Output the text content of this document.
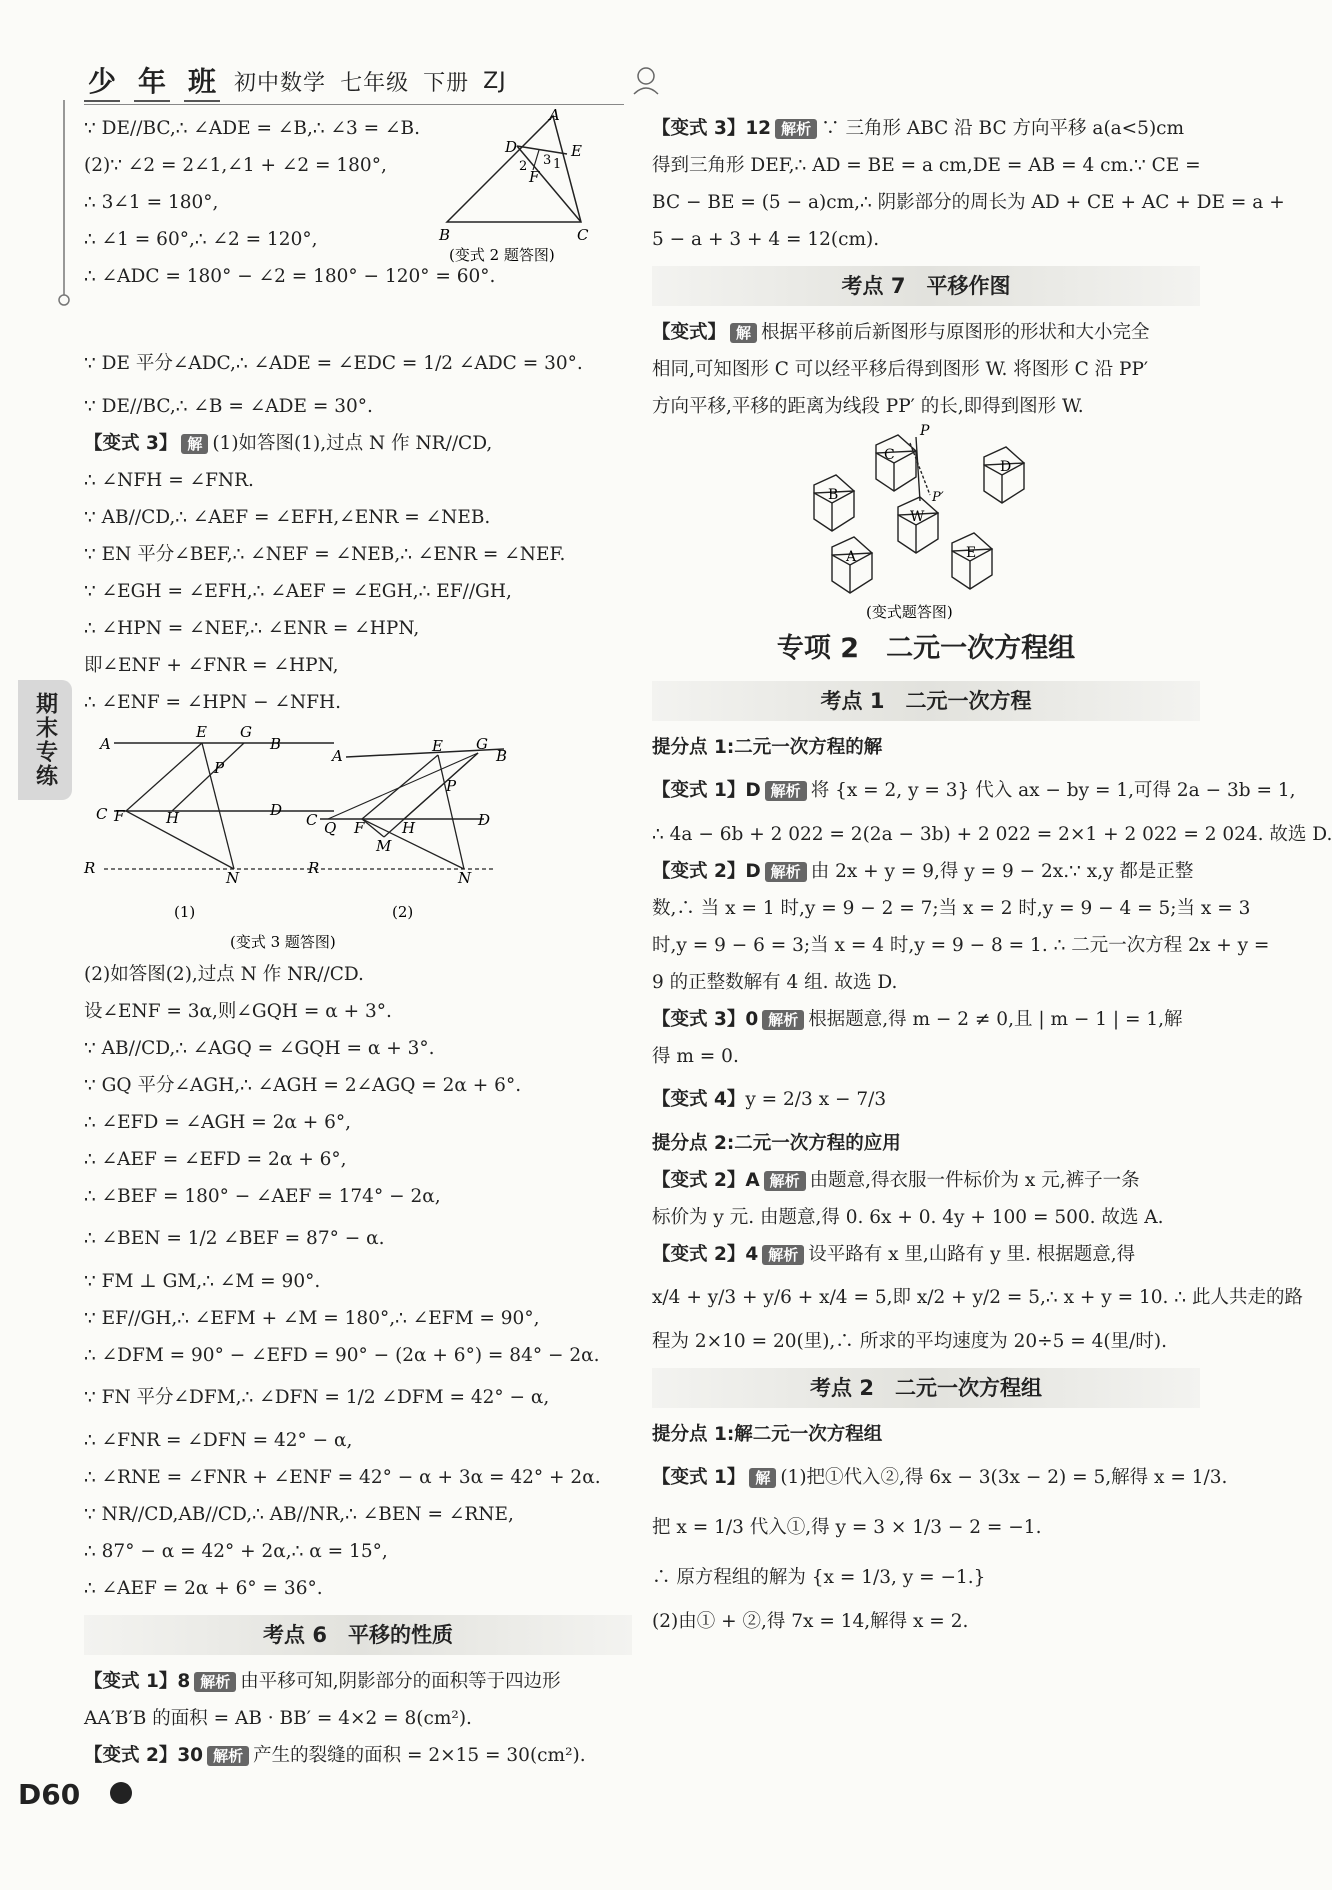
少 年 班 初中数学 七年级 下册 ZJ
期末专练
∵ DE//BC,∴ ∠ADE = ∠B,∴ ∠3 = ∠B.
(2)∵ ∠2 = 2∠1,∠1 + ∠2 = 180°,
∴ 3∠1 = 180°,
∴ ∠1 = 60°,∴ ∠2 = 120°,
∴ ∠ADC = 180° − ∠2 = 180° − 120° = 60°.
A
D	E
3
2
F
1
B	C
(变式 2 题答图)
∵ DE 平分∠ADC,∴ ∠ADE = ∠EDC = 1/2 ∠ADC = 30°.
∵ DE//BC,∴ ∠B = ∠ADE = 30°.
【变式 3】 解 (1)如答图(1),过点 N 作 NR//CD,
∴ ∠NFH = ∠FNR.
∵ AB//CD,∴ ∠AEF = ∠EFH,∠ENR = ∠NEB.
∵ EN 平分∠BEF,∴ ∠NEF = ∠NEB,∴ ∠ENR = ∠NEF.
∵ ∠EGH = ∠EFH,∴ ∠AEF = ∠EGH,∴ EF//GH,
∴ ∠HPN = ∠NEF,∴ ∠ENR = ∠HPN,
即∠ENF + ∠FNR = ∠HPN,
∴ ∠ENF = ∠HPN − ∠NFH.
A
E G
B
P
C F	H	D
R
N
A
E G
B
P
C Q F	H	D
M
R
N
(1)	(2)
(变式 3 题答图)
(2)如答图(2),过点 N 作 NR//CD.
设∠ENF = 3α,则∠GQH = α + 3°.
∵ AB//CD,∴ ∠AGQ = ∠GQH = α + 3°.
∵ GQ 平分∠AGH,∴ ∠AGH = 2∠AGQ = 2α + 6°.
∴ ∠EFD = ∠AGH = 2α + 6°,
∴ ∠AEF = ∠EFD = 2α + 6°,
∴ ∠BEF = 180° − ∠AEF = 174° − 2α,
∴ ∠BEN = 1/2 ∠BEF = 87° − α.
∵ FM ⊥ GM,∴ ∠M = 90°.
∵ EF//GH,∴ ∠EFM + ∠M = 180°,∴ ∠EFM = 90°,
∴ ∠DFM = 90° − ∠EFD = 90° − (2α + 6°) = 84° − 2α.
∵ FN 平分∠DFM,∴ ∠DFN = 1/2 ∠DFM = 42° − α,
∴ ∠FNR = ∠DFN = 42° − α,
∴ ∠RNE = ∠FNR + ∠ENF = 42° − α + 3α = 42° + 2α.
∵ NR//CD,AB//CD,∴ AB//NR,∴ ∠BEN = ∠RNE,
∴ 87° − α = 42° + 2α,∴ α = 15°,
∴ ∠AEF = 2α + 6° = 36°.
考点 6　平移的性质
【变式 1】8 解析 由平移可知,阴影部分的面积等于四边形
AA′B′B 的面积 = AB · BB′ = 4×2 = 8(cm²).
【变式 2】30 解析 产生的裂缝的面积 = 2×15 = 30(cm²).
【变式 3】12 解析 ∵ 三角形 ABC 沿 BC 方向平移 a(a<5)cm
得到三角形 DEF,∴ AD = BE = a cm,DE = AB = 4 cm.∵ CE =
BC − BE = (5 − a)cm,∴ 阴影部分的周长为 AD + CE + AC + DE = a +
5 − a + 3 + 4 = 12(cm).
考点 7　平移作图
【变式】 解 根据平移前后新图形与原图形的形状和大小完全
相同,可知图形 C 可以经平移后得到图形 W. 将图形 C 沿 PP′
方向平移,平移的距离为线段 PP′ 的长,即得到图形 W.
C
P
D
B	P′
W
A	E
(变式题答图)
专项 2　二元一次方程组
考点 1　二元一次方程
提分点 1:二元一次方程的解
【变式 1】D 解析 将 {x = 2, y = 3} 代入 ax − by = 1,可得 2a − 3b = 1,
∴ 4a − 6b + 2 022 = 2(2a − 3b) + 2 022 = 2×1 + 2 022 = 2 024. 故选 D.
【变式 2】D 解析 由 2x + y = 9,得 y = 9 − 2x.∵ x,y 都是正整
数,∴ 当 x = 1 时,y = 9 − 2 = 7;当 x = 2 时,y = 9 − 4 = 5;当 x = 3
时,y = 9 − 6 = 3;当 x = 4 时,y = 9 − 8 = 1. ∴ 二元一次方程 2x + y =
9 的正整数解有 4 组. 故选 D.
【变式 3】0 解析 根据题意,得 m − 2 ≠ 0,且 | m − 1 | = 1,解
得 m = 0.
【变式 4】y = 2/3 x − 7/3
提分点 2:二元一次方程的应用
【变式 2】A 解析 由题意,得衣服一件标价为 x 元,裤子一条
标价为 y 元. 由题意,得 0. 6x + 0. 4y + 100 = 500. 故选 A.
【变式 2】4 解析 设平路有 x 里,山路有 y 里. 根据题意,得
x/4 + y/3 + y/6 + x/4 = 5,即 x/2 + y/2 = 5,∴ x + y = 10. ∴ 此人共走的路
程为 2×10 = 20(里),∴ 所求的平均速度为 20÷5 = 4(里/时).
考点 2　二元一次方程组
提分点 1:解二元一次方程组
【变式 1】 解 (1)把①代入②,得 6x − 3(3x − 2) = 5,解得 x = 1/3.
把 x = 1/3 代入①,得 y = 3 × 1/3 − 2 = −1.
∴ 原方程组的解为 {x = 1/3, y = −1.}
(2)由① + ②,得 7x = 14,解得 x = 2.
D60
